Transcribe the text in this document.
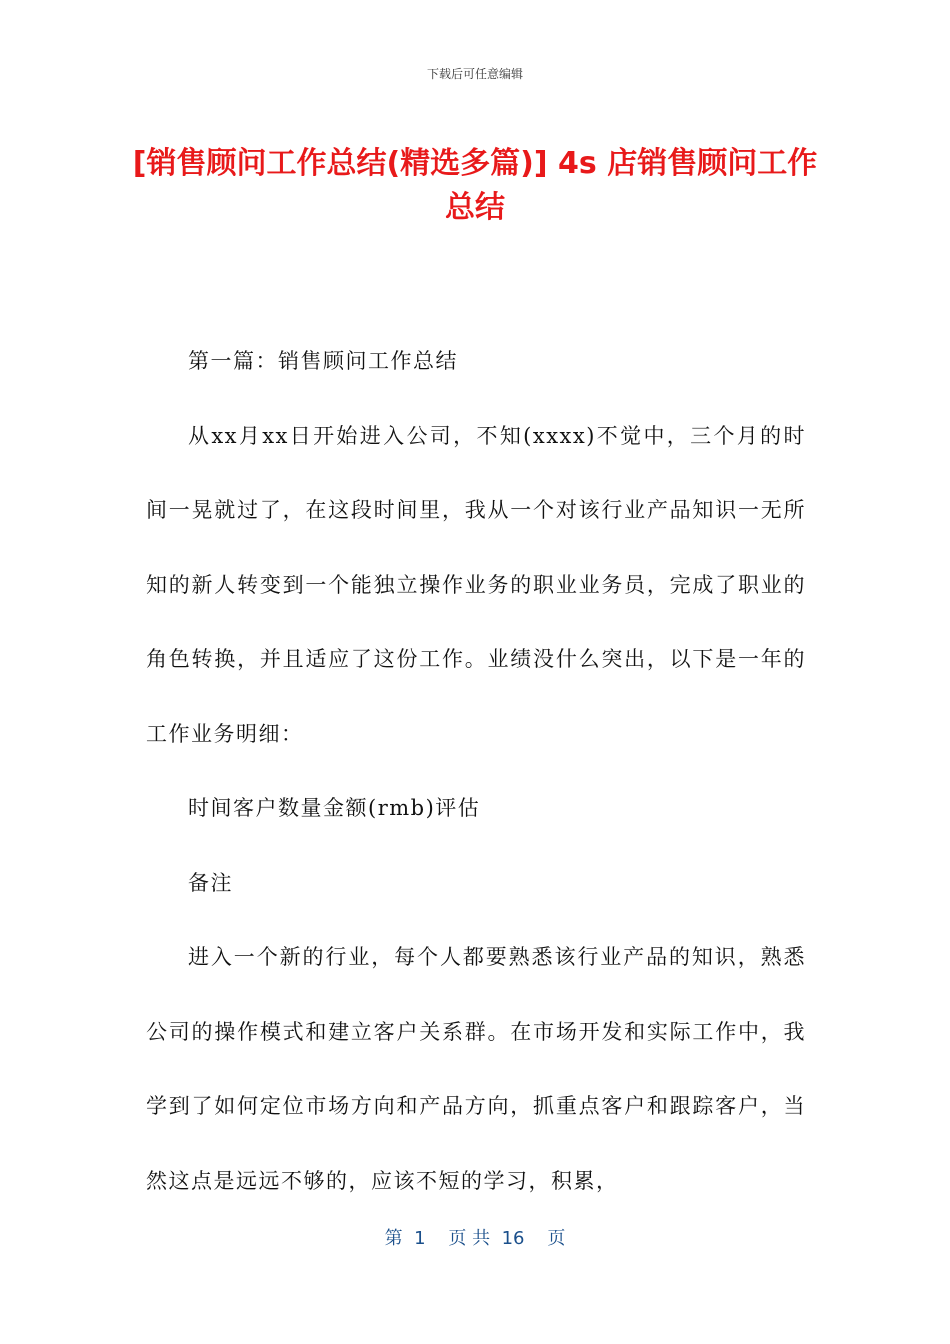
下载后可任意编辑
[销售顾问工作总结(精选多篇)] 4s 店销售顾问工作总结

第一篇：销售顾问工作总结

从xx月xx日开始进入公司，不知(xxxx)不觉中，三个月的时间一晃就过了，在这段时间里，我从一个对该行业产品知识一无所知的新人转变到一个能独立操作业务的职业业务员，完成了职业的角色转换，并且适应了这份工作。业绩没什么突出，以下是一年的工作业务明细：

时间客户数量金额(rmb)评估

备注

进入一个新的行业，每个人都要熟悉该行业产品的知识，熟悉公司的操作模式和建立客户关系群。在市场开发和实际工作中，我学到了如何定位市场方向和产品方向，抓重点客户和跟踪客户，当然这点是远远不够的，应该不短的学习，积累，

第  1    页 共  16    页
